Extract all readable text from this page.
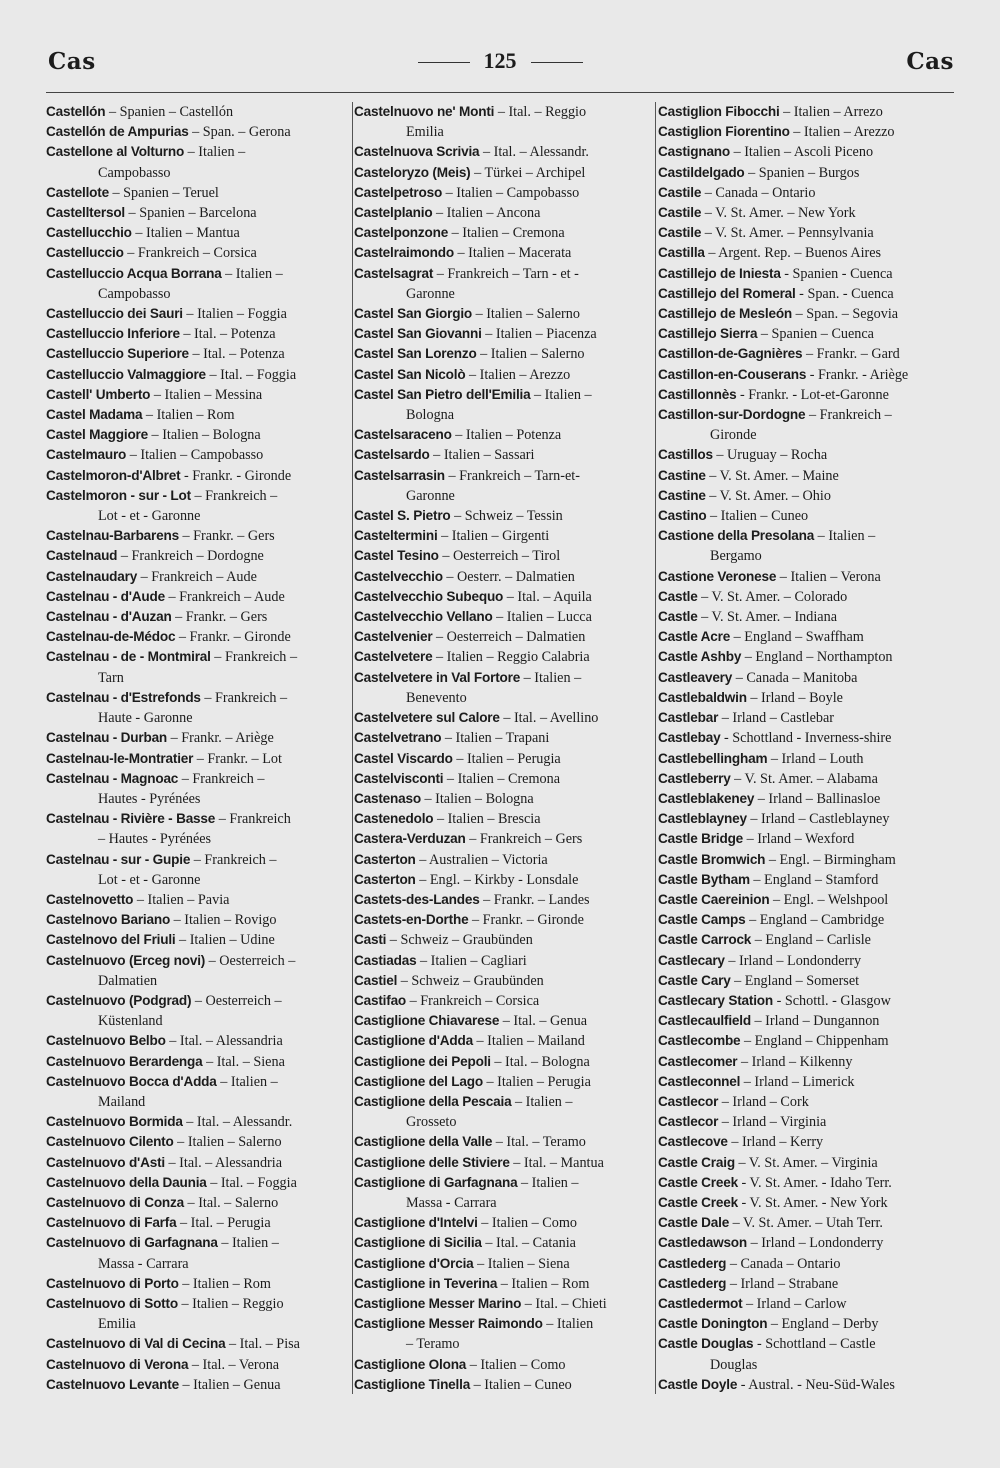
Cas	125	Cas
Castellón – Spanien – Castellón
Castellón de Ampurias – Span. – Gerona
Castellone al Volturno – Italien –
Campobasso
Castellote – Spanien – Teruel
Castelltersol – Spanien – Barcelona
Castellucchio – Italien – Mantua
Castelluccio – Frankreich – Corsica
Castelluccio Acqua Borrana – Italien –
Campobasso
Castelluccio dei Sauri – Italien – Foggia
Castelluccio Inferiore – Ital. – Potenza
Castelluccio Superiore – Ital. – Potenza
Castelluccio Valmaggiore – Ital. – Foggia
Castell' Umberto – Italien – Messina
Castel Madama – Italien – Rom
Castel Maggiore – Italien – Bologna
Castelmauro – Italien – Campobasso
Castelmoron-d'Albret - Frankr. - Gironde
Castelmoron - sur - Lot – Frankreich –
Lot - et - Garonne
Castelnau-Barbarens – Frankr. – Gers
Castelnaud – Frankreich – Dordogne
Castelnaudary – Frankreich – Aude
Castelnau - d'Aude – Frankreich – Aude
Castelnau - d'Auzan – Frankr. – Gers
Castelnau-de-Médoc – Frankr. – Gironde
Castelnau - de - Montmiral – Frankreich –
Tarn
Castelnau - d'Estrefonds – Frankreich –
Haute - Garonne
Castelnau - Durban – Frankr. – Ariège
Castelnau-le-Montratier – Frankr. – Lot
Castelnau - Magnoac – Frankreich –
Hautes - Pyrénées
Castelnau - Rivière - Basse – Frankreich
– Hautes - Pyrénées
Castelnau - sur - Gupie – Frankreich –
Lot - et - Garonne
Castelnovetto – Italien – Pavia
Castelnovo Bariano – Italien – Rovigo
Castelnovo del Friuli – Italien – Udine
Castelnuovo (Erceg novi) – Oesterreich –
Dalmatien
Castelnuovo (Podgrad) – Oesterreich –
Küstenland
Castelnuovo Belbo – Ital. – Alessandria
Castelnuovo Berardenga – Ital. – Siena
Castelnuovo Bocca d'Adda – Italien –
Mailand
Castelnuovo Bormida – Ital. – Alessandr.
Castelnuovo Cilento – Italien – Salerno
Castelnuovo d'Asti – Ital. – Alessandria
Castelnuovo della Daunia – Ital. – Foggia
Castelnuovo di Conza – Ital. – Salerno
Castelnuovo di Farfa – Ital. – Perugia
Castelnuovo di Garfagnana – Italien –
Massa - Carrara
Castelnuovo di Porto – Italien – Rom
Castelnuovo di Sotto – Italien – Reggio
Emilia
Castelnuovo di Val di Cecina – Ital. – Pisa
Castelnuovo di Verona – Ital. – Verona
Castelnuovo Levante – Italien – Genua
Castelnuovo ne' Monti – Ital. – Reggio
Emilia
Castelnuova Scrivia – Ital. – Alessandr.
Casteloryzo (Meis) – Türkei – Archipel
Castelpetroso – Italien – Campobasso
Castelplanio – Italien – Ancona
Castelponzone – Italien – Cremona
Castelraimondo – Italien – Macerata
Castelsagrat – Frankreich – Tarn - et -
Garonne
Castel San Giorgio – Italien – Salerno
Castel San Giovanni – Italien – Piacenza
Castel San Lorenzo – Italien – Salerno
Castel San Nicolò – Italien – Arezzo
Castel San Pietro dell'Emilia – Italien –
Bologna
Castelsaraceno – Italien – Potenza
Castelsardo – Italien – Sassari
Castelsarrasin – Frankreich – Tarn-et-
Garonne
Castel S. Pietro – Schweiz – Tessin
Casteltermini – Italien – Girgenti
Castel Tesino – Oesterreich – Tirol
Castelvecchio – Oesterr. – Dalmatien
Castelvecchio Subequo – Ital. – Aquila
Castelvecchio Vellano – Italien – Lucca
Castelvenier – Oesterreich – Dalmatien
Castelvetere – Italien – Reggio Calabria
Castelvetere in Val Fortore – Italien –
Benevento
Castelvetere sul Calore – Ital. – Avellino
Castelvetrano – Italien – Trapani
Castel Viscardo – Italien – Perugia
Castelvisconti – Italien – Cremona
Castenaso – Italien – Bologna
Castenedolo – Italien – Brescia
Castera-Verduzan – Frankreich – Gers
Casterton – Australien – Victoria
Casterton – Engl. – Kirkby - Lonsdale
Castets-des-Landes – Frankr. – Landes
Castets-en-Dorthe – Frankr. – Gironde
Casti – Schweiz – Graubünden
Castiadas – Italien – Cagliari
Castiel – Schweiz – Graubünden
Castifao – Frankreich – Corsica
Castiglione Chiavarese – Ital. – Genua
Castiglione d'Adda – Italien – Mailand
Castiglione dei Pepoli – Ital. – Bologna
Castiglione del Lago – Italien – Perugia
Castiglione della Pescaia – Italien –
Grosseto
Castiglione della Valle – Ital. – Teramo
Castiglione delle Stiviere – Ital. – Mantua
Castiglione di Garfagnana – Italien –
Massa - Carrara
Castiglione d'Intelvi – Italien – Como
Castiglione di Sicilia – Ital. – Catania
Castiglione d'Orcia – Italien – Siena
Castiglione in Teverina – Italien – Rom
Castiglione Messer Marino – Ital. – Chieti
Castiglione Messer Raimondo – Italien
– Teramo
Castiglione Olona – Italien – Como
Castiglione Tinella – Italien – Cuneo
Castiglion Fibocchi – Italien – Arrezo
Castiglion Fiorentino – Italien – Arezzo
Castignano – Italien – Ascoli Piceno
Castildelgado – Spanien – Burgos
Castile – Canada – Ontario
Castile – V. St. Amer. – New York
Castile – V. St. Amer. – Pennsylvania
Castilla – Argent. Rep. – Buenos Aires
Castillejo de Iniesta - Spanien - Cuenca
Castillejo del Romeral - Span. - Cuenca
Castillejo de Mesleón – Span. – Segovia
Castillejo Sierra – Spanien – Cuenca
Castillon-de-Gagnières – Frankr. – Gard
Castillon-en-Couserans - Frankr. - Ariège
Castillonnès - Frankr. - Lot-et-Garonne
Castillon-sur-Dordogne – Frankreich –
Gironde
Castillos – Uruguay – Rocha
Castine – V. St. Amer. – Maine
Castine – V. St. Amer. – Ohio
Castino – Italien – Cuneo
Castione della Presolana – Italien –
Bergamo
Castione Veronese – Italien – Verona
Castle – V. St. Amer. – Colorado
Castle – V. St. Amer. – Indiana
Castle Acre – England – Swaffham
Castle Ashby – England – Northampton
Castleavery – Canada – Manitoba
Castlebaldwin – Irland – Boyle
Castlebar – Irland – Castlebar
Castlebay - Schottland - Inverness-shire
Castlebellingham – Irland – Louth
Castleberry – V. St. Amer. – Alabama
Castleblakeney – Irland – Ballinasloe
Castleblayney – Irland – Castleblayney
Castle Bridge – Irland – Wexford
Castle Bromwich – Engl. – Birmingham
Castle Bytham – England – Stamford
Castle Caereinion – Engl. – Welshpool
Castle Camps – England – Cambridge
Castle Carrock – England – Carlisle
Castlecary – Irland – Londonderry
Castle Cary – England – Somerset
Castlecary Station - Schottl. - Glasgow
Castlecaulfield – Irland – Dungannon
Castlecombe – England – Chippenham
Castlecomer – Irland – Kilkenny
Castleconnel – Irland – Limerick
Castlecor – Irland – Cork
Castlecor – Irland – Virginia
Castlecove – Irland – Kerry
Castle Craig – V. St. Amer. – Virginia
Castle Creek - V. St. Amer. - Idaho Terr.
Castle Creek - V. St. Amer. - New York
Castle Dale – V. St. Amer. – Utah Terr.
Castledawson – Irland – Londonderry
Castlederg – Canada – Ontario
Castlederg – Irland – Strabane
Castledermot – Irland – Carlow
Castle Donington – England – Derby
Castle Douglas - Schottland – Castle
Douglas
Castle Doyle - Austral. - Neu-Süd-Wales
